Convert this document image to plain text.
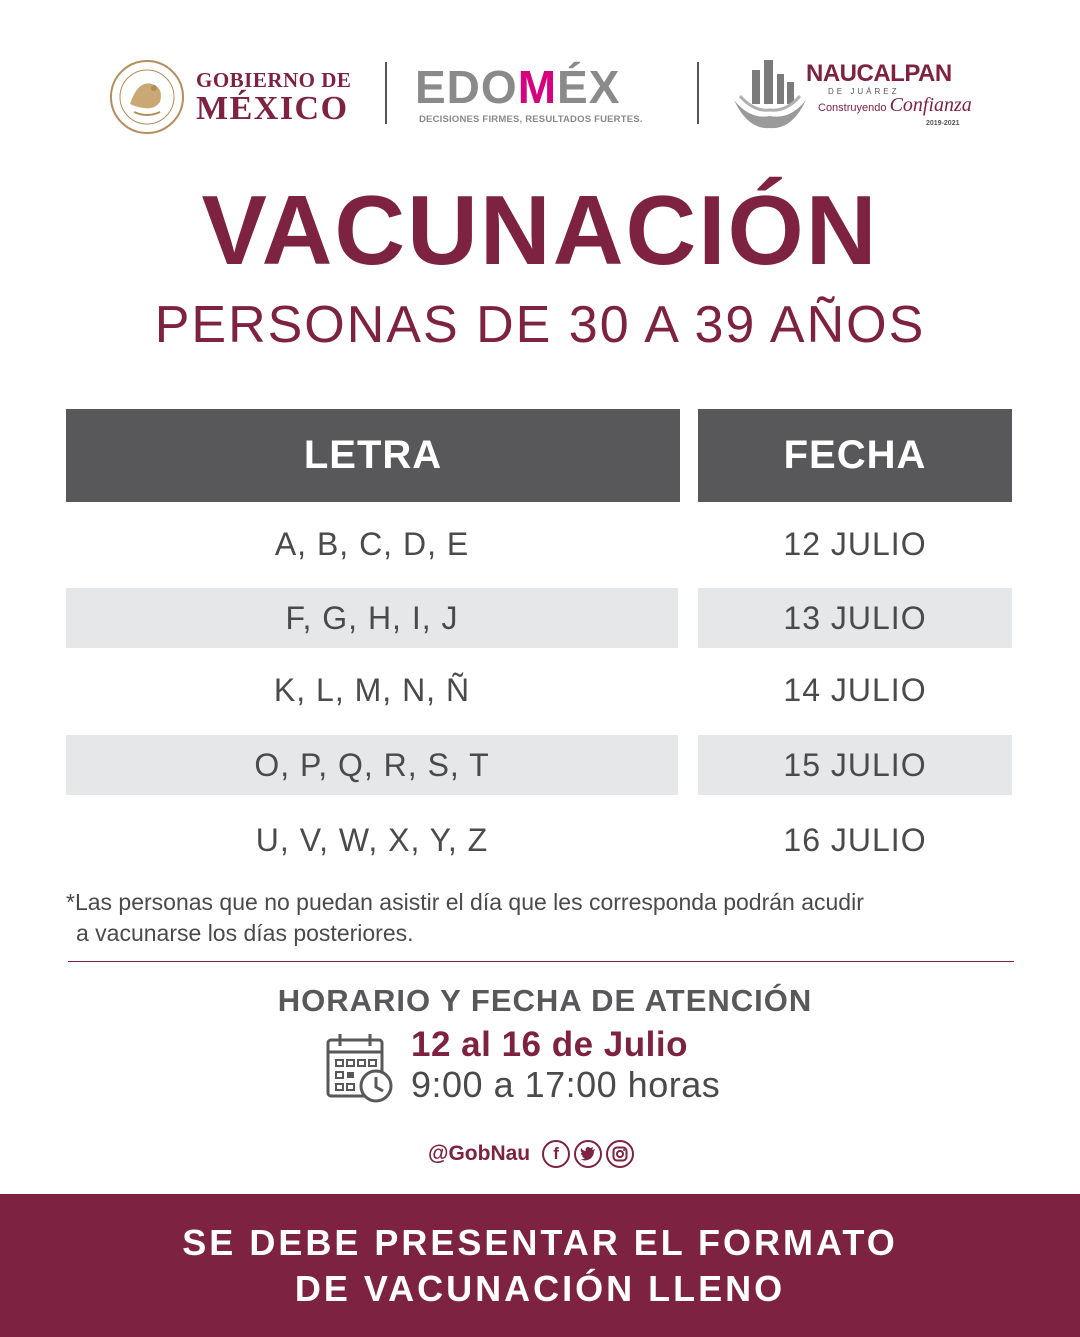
GOBIERNO DE
MÉXICO EDOMÉX
DECISIONES FIRMES, RESULTADOS FUERTES.
NAUCALPAN
DE JUÁREZ
Construyendo Confianza
2019-2021
VACUNACIÓN
PERSONAS DE 30 A 39 AÑOS
LETRA	FECHA
A, B, C, D, E	12 JULIO
F, G, H, I, J	13 JULIO
K, L, M, N, Ñ	14 JULIO
O, P, Q, R, S, T	15 JULIO
U, V, W, X, Y, Z	16 JULIO
*Las personas que no puedan asistir el día que les corresponda podrán acudir
a vacunarse los días posteriores.
HORARIO Y FECHA DE ATENCIÓN
12 al 16 de Julio
9:00 a 17:00 horas
@GobNau	f
SE DEBE PRESENTAR EL FORMATO
DE VACUNACIÓN LLENO
